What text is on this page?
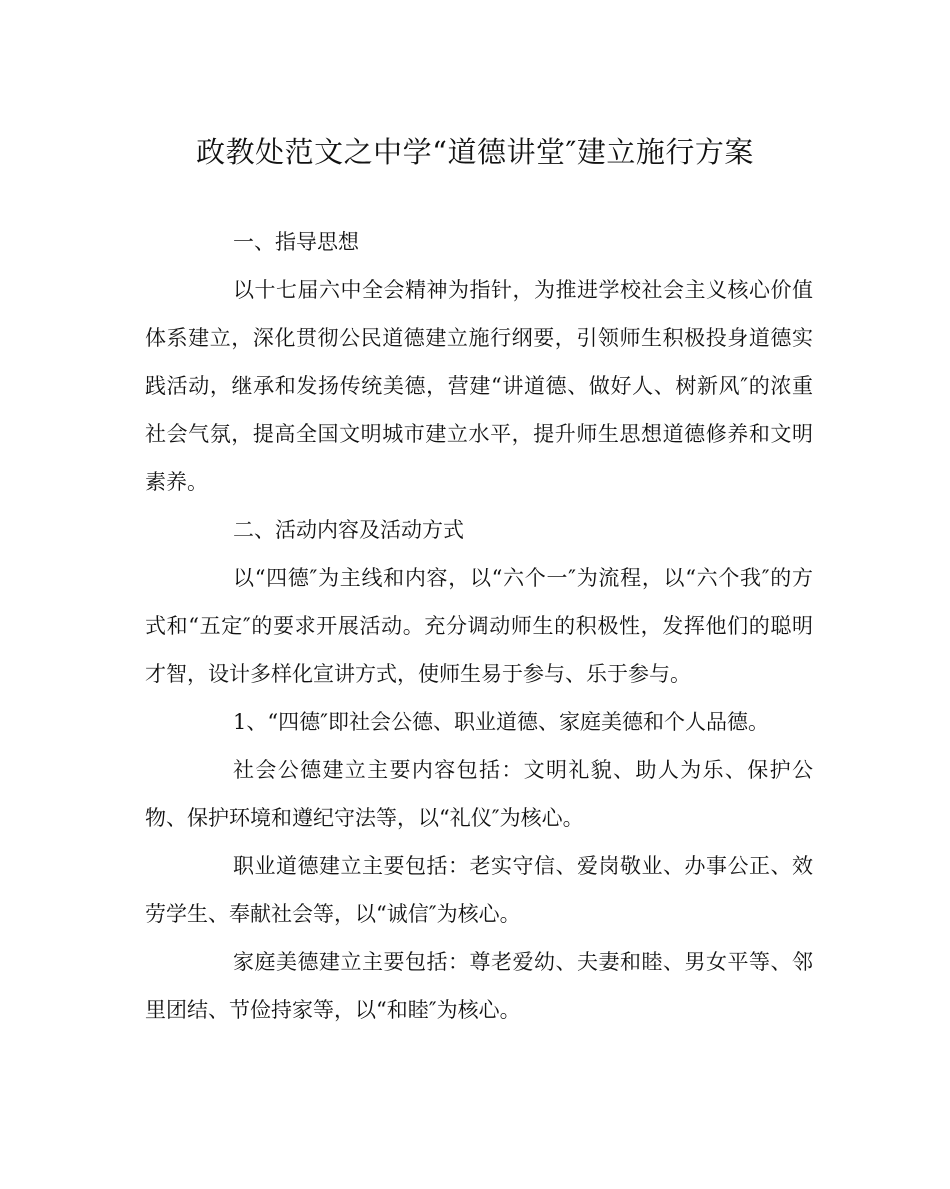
政教处范文之中学“道德讲堂″建立施行方案

一、指导思想

以十七届六中全会精神为指针，为推进学校社会主义核心价值体系建立，深化贯彻公民道德建立施行纲要，引领师生积极投身道德实践活动，继承和发扬传统美德，营建“讲道德、做好人、树新风″的浓重社会气氛，提高全国文明城市建立水平，提升师生思想道德修养和文明素养。

二、活动内容及活动方式

以“四德″为主线和内容，以“六个一″为流程，以“六个我″的方式和“五定″的要求开展活动。充分调动师生的积极性，发挥他们的聪明才智，设计多样化宣讲方式，使师生易于参与、乐于参与。

1、“四德″即社会公德、职业道德、家庭美德和个人品德。

社会公德建立主要内容包括：文明礼貌、助人为乐、保护公物、保护环境和遵纪守法等，以“礼仪″为核心。

职业道德建立主要包括：老实守信、爱岗敬业、办事公正、效劳学生、奉献社会等，以“诚信″为核心。

家庭美德建立主要包括：尊老爱幼、夫妻和睦、男女平等、邻里团结、节俭持家等，以“和睦″为核心。
